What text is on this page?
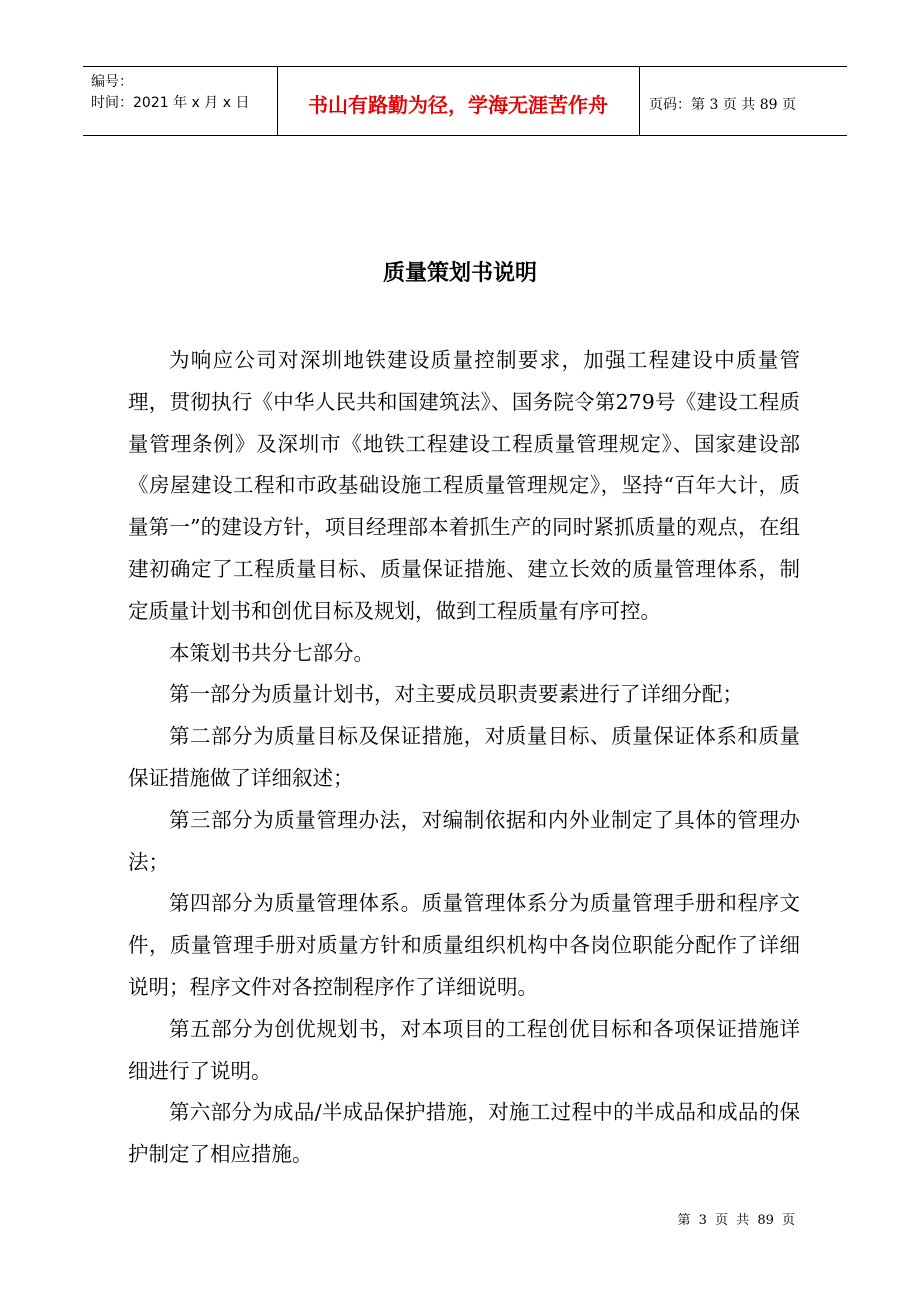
编号：
时间：2021 年 x 月 x 日	书山有路勤为径，学海无涯苦作舟	页码：第 3 页 共 89 页
质量策划书说明

为响应公司对深圳地铁建设质量控制要求，加强工程建设中质量管理，贯彻执行《中华人民共和国建筑法》、国务院令第279号《建设工程质量管理条例》及深圳市《地铁工程建设工程质量管理规定》、国家建设部《房屋建设工程和市政基础设施工程质量管理规定》，坚持“百年大计，质量第一”的建设方针，项目经理部本着抓生产的同时紧抓质量的观点，在组建初确定了工程质量目标、质量保证措施、建立长效的质量管理体系，制定质量计划书和创优目标及规划，做到工程质量有序可控。

本策划书共分七部分。

第一部分为质量计划书，对主要成员职责要素进行了详细分配；

第二部分为质量目标及保证措施，对质量目标、质量保证体系和质量保证措施做了详细叙述；

第三部分为质量管理办法，对编制依据和内外业制定了具体的管理办法；

第四部分为质量管理体系。质量管理体系分为质量管理手册和程序文件，质量管理手册对质量方针和质量组织机构中各岗位职能分配作了详细说明；程序文件对各控制程序作了详细说明。

第五部分为创优规划书，对本项目的工程创优目标和各项保证措施详细进行了说明。

第六部分为成品/半成品保护措施，对施工过程中的半成品和成品的保护制定了相应措施。

第 3 页 共 89 页
